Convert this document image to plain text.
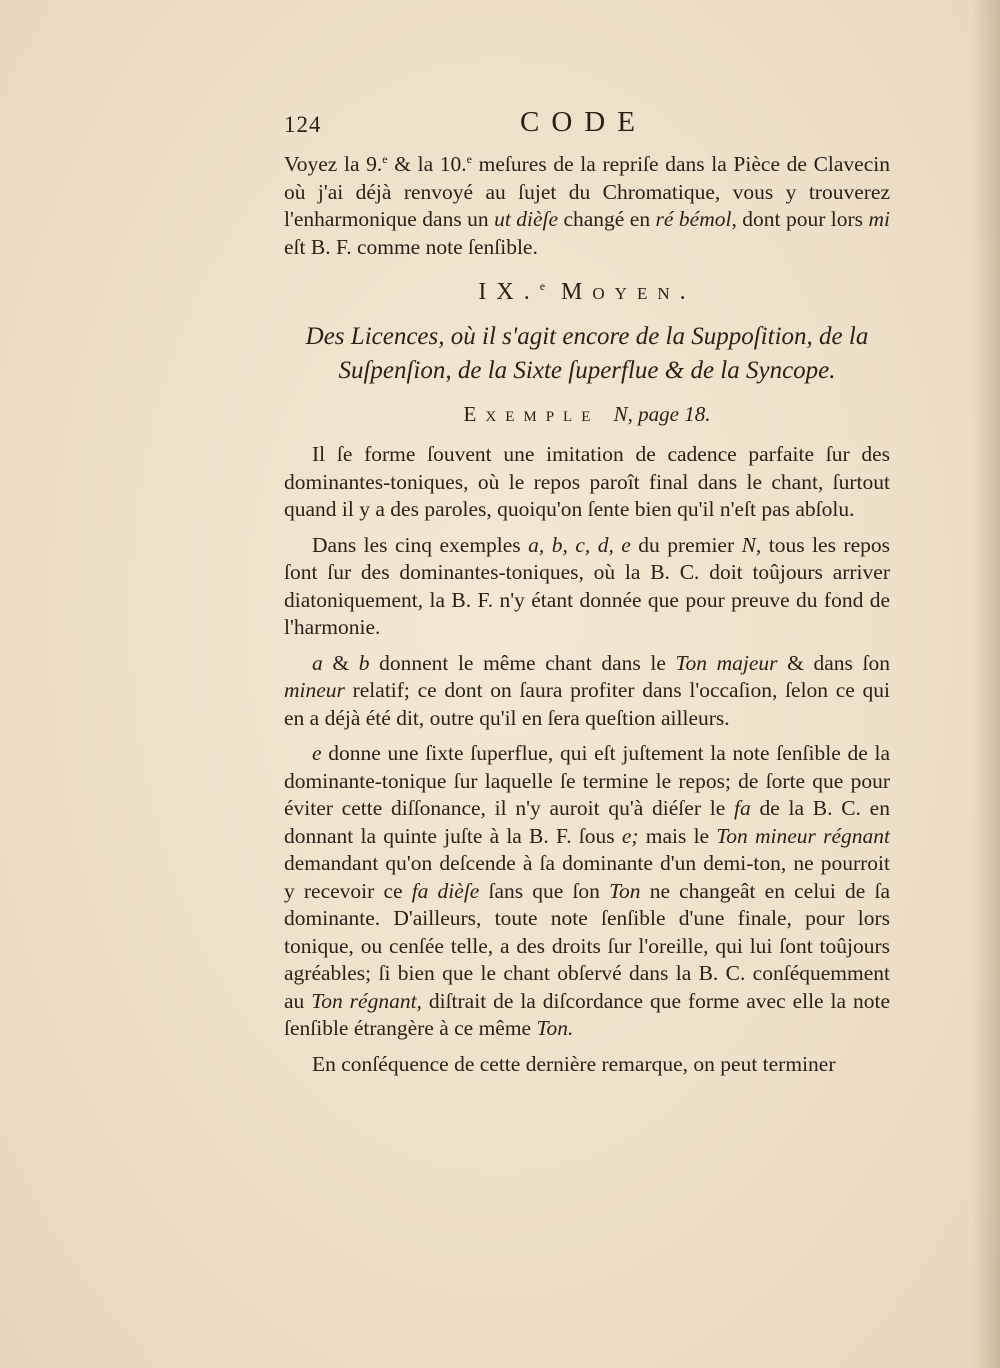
124	CODE

Voyez la 9.$^e$ & la 10.$^e$ meſures de la repriſe dans la Pièce de Clavecin où j'ai déjà renvoyé au ſujet du Chromatique, vous y trouverez l'enharmonique dans un ut dièſe changé en ré bémol, dont pour lors mi eſt B. F. comme note ſenſible.

IX.$^e$ Moyen.

Des Licences, où il s'agit encore de la Suppoſition, de la Suſpenſion, de la Sixte ſuperflue & de la Syncope.

Exemple N, page 18.

Il ſe forme ſouvent une imitation de cadence parfaite ſur des dominantes-toniques, où le repos paroît final dans le chant, ſurtout quand il y a des paroles, quoiqu'on ſente bien qu'il n'eſt pas abſolu.

Dans les cinq exemples a, b, c, d, e du premier N, tous les repos ſont ſur des dominantes-toniques, où la B. C. doit toûjours arriver diatoniquement, la B. F. n'y étant donnée que pour preuve du fond de l'harmonie.

a & b donnent le même chant dans le Ton majeur & dans ſon mineur relatif; ce dont on ſaura profiter dans l'occaſion, ſelon ce qui en a déjà été dit, outre qu'il en ſera queſtion ailleurs.

e donne une ſixte ſuperflue, qui eſt juſtement la note ſenſible de la dominante-tonique ſur laquelle ſe termine le repos; de ſorte que pour éviter cette diſſonance, il n'y auroit qu'à diéſer le fa de la B. C. en donnant la quinte juſte à la B. F. ſous e; mais le Ton mineur régnant demandant qu'on deſcende à ſa dominante d'un demi-ton, ne pourroit y recevoir ce fa dièſe ſans que ſon Ton ne changeât en celui de ſa dominante. D'ailleurs, toute note ſenſible d'une finale, pour lors tonique, ou cenſée telle, a des droits ſur l'oreille, qui lui ſont toûjours agréables; ſi bien que le chant obſervé dans la B. C. conſéquemment au Ton régnant, diſtrait de la diſcordance que forme avec elle la note ſenſible étrangère à ce même Ton.

En conſéquence de cette dernière remarque, on peut terminer
